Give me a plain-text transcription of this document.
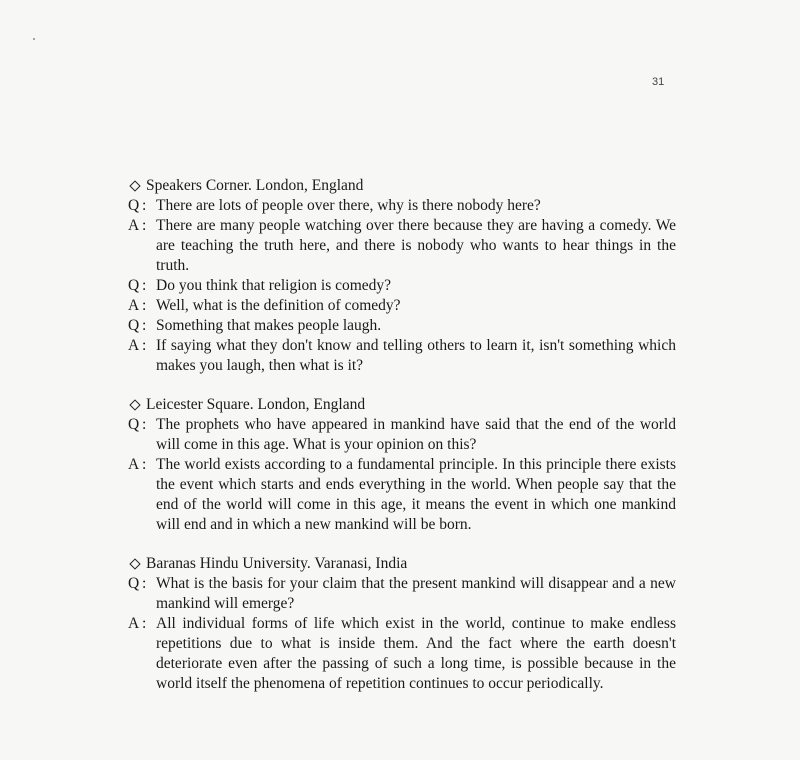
31
Speakers Corner. London, England
Q : There are lots of people over there, why is there nobody here?
A : There are many people watching over there because they are having a comedy. We are teaching the truth here, and there is nobody who wants to hear things in the truth.
Q : Do you think that religion is comedy?
A : Well, what is the definition of comedy?
Q : Something that makes people laugh.
A : If saying what they don't know and telling others to learn it, isn't something which makes you laugh, then what is it?
Leicester Square. London, England
Q : The prophets who have appeared in mankind have said that the end of the world will come in this age. What is your opinion on this?
A : The world exists according to a fundamental principle. In this principle there exists the event which starts and ends everything in the world. When people say that the end of the world will come in this age, it means the event in which one mankind will end and in which a new mankind will be born.
Baranas Hindu University. Varanasi, India
Q : What is the basis for your claim that the present mankind will disappear and a new mankind will emerge?
A : All individual forms of life which exist in the world, continue to make endless repetitions due to what is inside them. And the fact where the earth doesn't deteriorate even after the passing of such a long time, is possible because in the world itself the phenomena of repetition continues to occur periodically.
